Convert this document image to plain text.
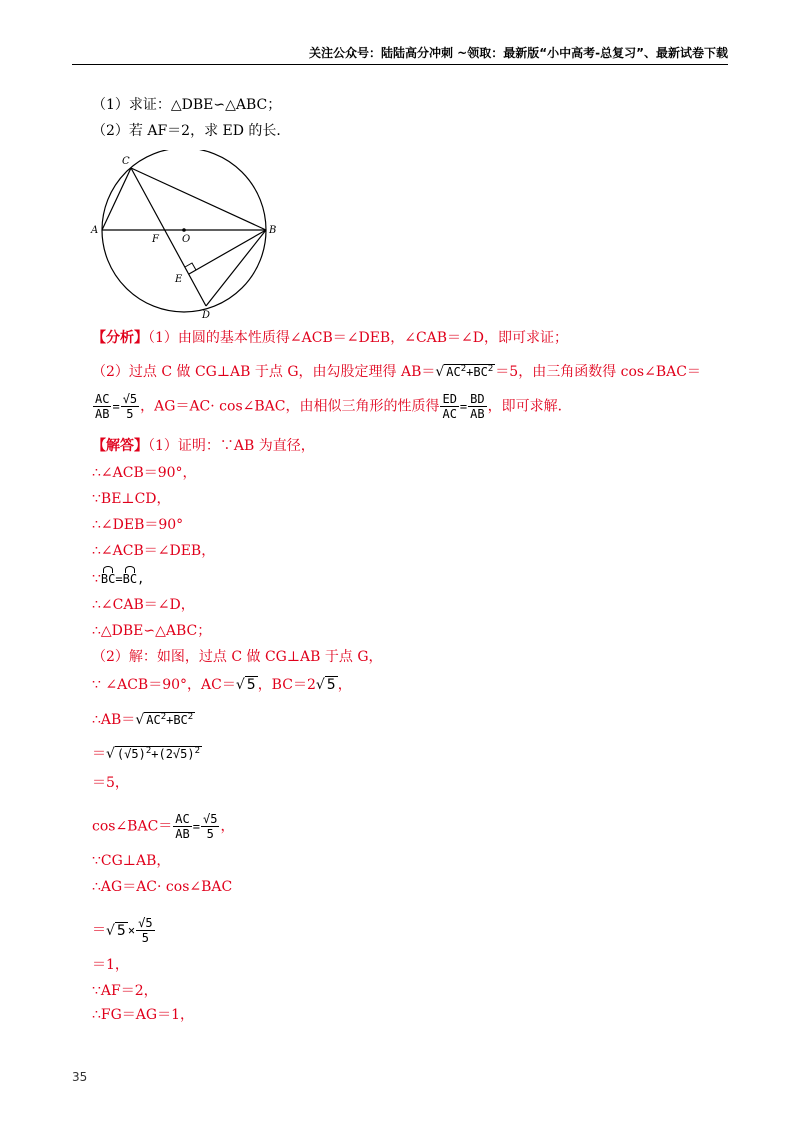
关注公众号：陆陆高分冲刺 ~领取：最新版“小中高考-总复习”、最新试卷下载
（1）求证：△DBE∽△ABC；
（2）若 AF＝2，求 ED 的长．
C
A	B
O
F
E
D
【分析】（1）由圆的基本性质得∠ACB＝∠DEB，∠CAB＝∠D，即可求证；
（2）过点 C 做 CG⊥AB 于点 G，由勾股定理得 AB＝√ $AC^2+BC^2 =5$，由三角函数得 cos∠BAC＝
$\frac{AC}{AB} = \frac{√5}{5}$ ，AG＝AC· cos∠BAC，由相似三角形的性质得 $\frac{ED}{AC} = \frac{BD}{AB}$ ，即可求解．
【解答】（1）证明：∵AB 为直径，
∴∠ACB＝90°，
∵BE⊥CD，
∴∠DEB＝90°
∴∠ACB＝∠DEB，
∵BC=BC,
∴∠CAB＝∠D，
∴△DBE∽△ABC；
（2）解：如图，过点 C 做 CG⊥AB 于点 G，
∵ ∠ACB＝90°，AC＝√ 5 ，BC＝2√ 5 ，
∴AB＝√ $AC^2+BC^2$
＝√ $(√5)^2+(2√5)^2$
＝5，
cos∠BAC＝ $\frac{AC}{AB} = \frac{√5}{5}$ ，
∵CG⊥AB，
∴AG＝AC· cos∠BAC
＝√ $5 \times \frac{√5}{5}$
＝1，
∵AF＝2，
∴FG＝AG＝1，
35
